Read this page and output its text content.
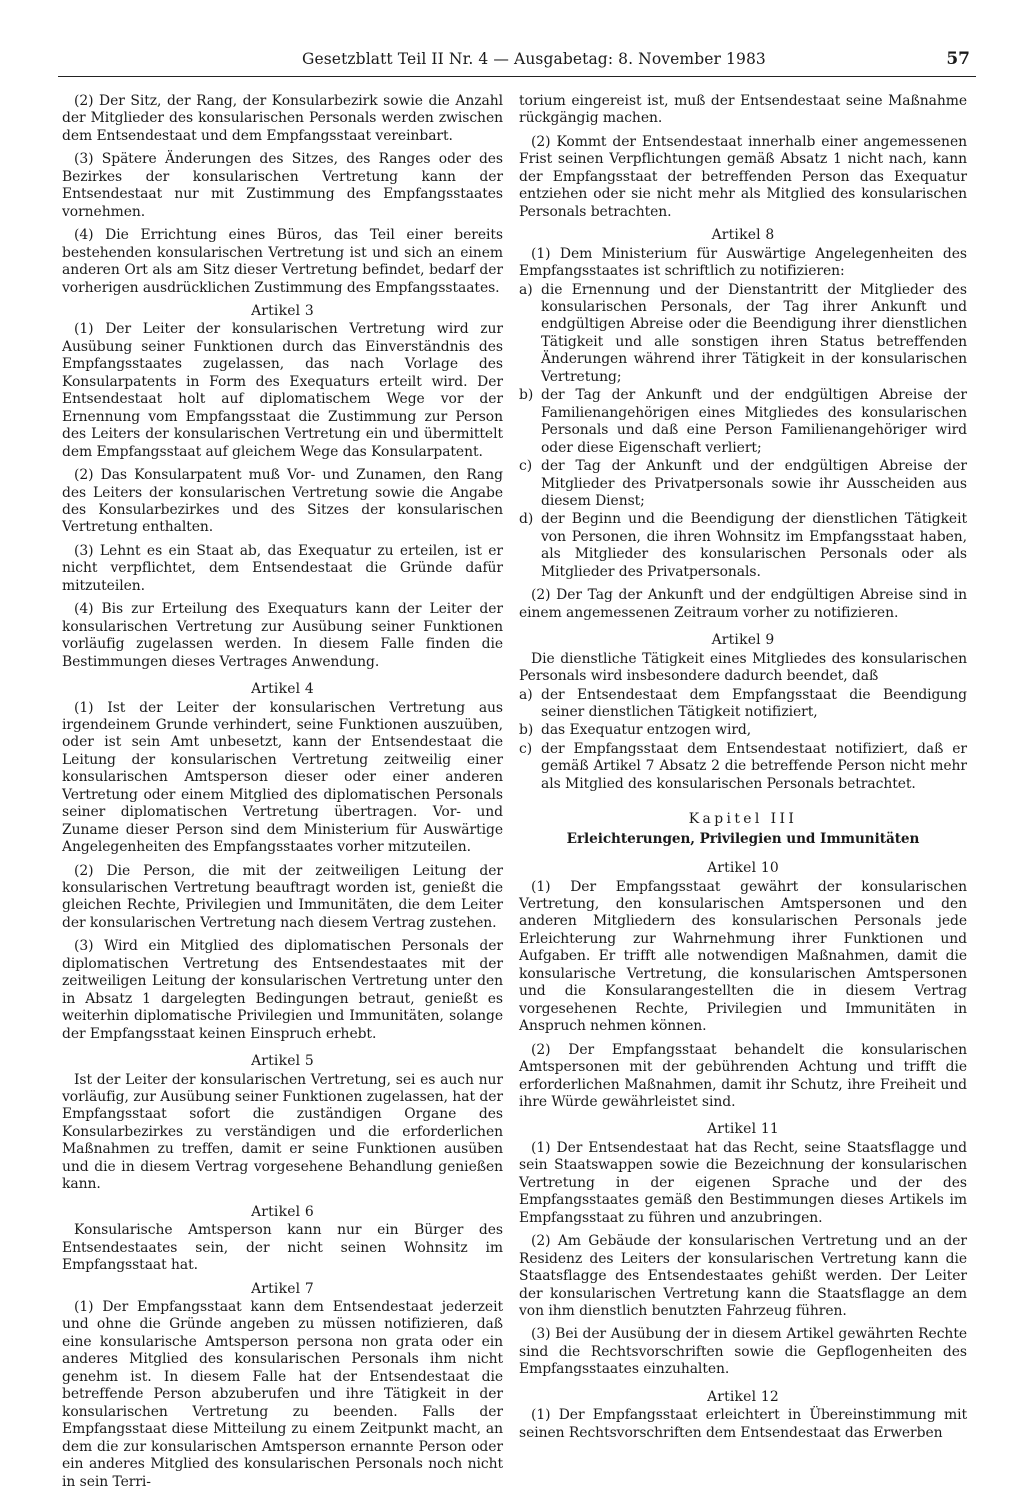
Gesetzblatt Teil II Nr. 4 — Ausgabetag: 8. November 1983	57

(2) Der Sitz, der Rang, der Konsularbezirk sowie die Anzahl der Mitglieder des konsularischen Personals werden zwischen dem Entsendestaat und dem Empfangsstaat vereinbart.

(3) Spätere Änderungen des Sitzes, des Ranges oder des Bezirkes der konsularischen Vertretung kann der Entsendestaat nur mit Zustimmung des Empfangsstaates vornehmen.

(4) Die Errichtung eines Büros, das Teil einer bereits bestehenden konsularischen Vertretung ist und sich an einem anderen Ort als am Sitz dieser Vertretung befindet, bedarf der vorherigen ausdrücklichen Zustimmung des Empfangsstaates.

Artikel 3

(1) Der Leiter der konsularischen Vertretung wird zur Ausübung seiner Funktionen durch das Einverständnis des Empfangsstaates zugelassen, das nach Vorlage des Konsularpatents in Form des Exequaturs erteilt wird. Der Entsendestaat holt auf diplomatischem Wege vor der Ernennung vom Empfangsstaat die Zustimmung zur Person des Leiters der konsularischen Vertretung ein und übermittelt dem Empfangsstaat auf gleichem Wege das Konsularpatent.

(2) Das Konsularpatent muß Vor- und Zunamen, den Rang des Leiters der konsularischen Vertretung sowie die Angabe des Konsularbezirkes und des Sitzes der konsularischen Vertretung enthalten.

(3) Lehnt es ein Staat ab, das Exequatur zu erteilen, ist er nicht verpflichtet, dem Entsendestaat die Gründe dafür mitzuteilen.

(4) Bis zur Erteilung des Exequaturs kann der Leiter der konsularischen Vertretung zur Ausübung seiner Funktionen vorläufig zugelassen werden. In diesem Falle finden die Bestimmungen dieses Vertrages Anwendung.

Artikel 4

(1) Ist der Leiter der konsularischen Vertretung aus irgendeinem Grunde verhindert, seine Funktionen auszuüben, oder ist sein Amt unbesetzt, kann der Entsendestaat die Leitung der konsularischen Vertretung zeitweilig einer konsularischen Amtsperson dieser oder einer anderen Vertretung oder einem Mitglied des diplomatischen Personals seiner diplomatischen Vertretung übertragen. Vor- und Zuname dieser Person sind dem Ministerium für Auswärtige Angelegenheiten des Empfangsstaates vorher mitzuteilen.

(2) Die Person, die mit der zeitweiligen Leitung der konsularischen Vertretung beauftragt worden ist, genießt die gleichen Rechte, Privilegien und Immunitäten, die dem Leiter der konsularischen Vertretung nach diesem Vertrag zustehen.

(3) Wird ein Mitglied des diplomatischen Personals der diplomatischen Vertretung des Entsendestaates mit der zeitweiligen Leitung der konsularischen Vertretung unter den in Absatz 1 dargelegten Bedingungen betraut, genießt es weiterhin diplomatische Privilegien und Immunitäten, solange der Empfangsstaat keinen Einspruch erhebt.

Artikel 5

Ist der Leiter der konsularischen Vertretung, sei es auch nur vorläufig, zur Ausübung seiner Funktionen zugelassen, hat der Empfangsstaat sofort die zuständigen Organe des Konsularbezirkes zu verständigen und die erforderlichen Maßnahmen zu treffen, damit er seine Funktionen ausüben und die in diesem Vertrag vorgesehene Behandlung genießen kann.

Artikel 6

Konsularische Amtsperson kann nur ein Bürger des Entsendestaates sein, der nicht seinen Wohnsitz im Empfangsstaat hat.

Artikel 7

(1) Der Empfangsstaat kann dem Entsendestaat jederzeit und ohne die Gründe angeben zu müssen notifizieren, daß eine konsularische Amtsperson persona non grata oder ein anderes Mitglied des konsularischen Personals ihm nicht genehm ist. In diesem Falle hat der Entsendestaat die betreffende Person abzuberufen und ihre Tätigkeit in der konsularischen Vertretung zu beenden. Falls der Empfangsstaat diese Mitteilung zu einem Zeitpunkt macht, an dem die zur konsularischen Amtsperson ernannte Person oder ein anderes Mitglied des konsularischen Personals noch nicht in sein Terri-

torium eingereist ist, muß der Entsendestaat seine Maßnahme rückgängig machen.

(2) Kommt der Entsendestaat innerhalb einer angemessenen Frist seinen Verpflichtungen gemäß Absatz 1 nicht nach, kann der Empfangsstaat der betreffenden Person das Exequatur entziehen oder sie nicht mehr als Mitglied des konsularischen Personals betrachten.

Artikel 8

(1) Dem Ministerium für Auswärtige Angelegenheiten des Empfangsstaates ist schriftlich zu notifizieren:

a) die Ernennung und der Dienstantritt der Mitglieder des konsularischen Personals, der Tag ihrer Ankunft und endgültigen Abreise oder die Beendigung ihrer dienstlichen Tätigkeit und alle sonstigen ihren Status betreffenden Änderungen während ihrer Tätigkeit in der konsularischen Vertretung;
b) der Tag der Ankunft und der endgültigen Abreise der Familienangehörigen eines Mitgliedes des konsularischen Personals und daß eine Person Familienangehöriger wird oder diese Eigenschaft verliert;
c) der Tag der Ankunft und der endgültigen Abreise der Mitglieder des Privatpersonals sowie ihr Ausscheiden aus diesem Dienst;
d) der Beginn und die Beendigung der dienstlichen Tätigkeit von Personen, die ihren Wohnsitz im Empfangsstaat haben, als Mitglieder des konsularischen Personals oder als Mitglieder des Privatpersonals.

(2) Der Tag der Ankunft und der endgültigen Abreise sind in einem angemessenen Zeitraum vorher zu notifizieren.

Artikel 9

Die dienstliche Tätigkeit eines Mitgliedes des konsularischen Personals wird insbesondere dadurch beendet, daß

a) der Entsendestaat dem Empfangsstaat die Beendigung seiner dienstlichen Tätigkeit notifiziert,
b) das Exequatur entzogen wird,
c) der Empfangsstaat dem Entsendestaat notifiziert, daß er gemäß Artikel 7 Absatz 2 die betreffende Person nicht mehr als Mitglied des konsularischen Personals betrachtet.
Kapitel III
Erleichterungen, Privilegien und Immunitäten
Artikel 10

(1) Der Empfangsstaat gewährt der konsularischen Vertretung, den konsularischen Amtspersonen und den anderen Mitgliedern des konsularischen Personals jede Erleichterung zur Wahrnehmung ihrer Funktionen und Aufgaben. Er trifft alle notwendigen Maßnahmen, damit die konsularische Vertretung, die konsularischen Amtspersonen und die Konsularangestellten die in diesem Vertrag vorgesehenen Rechte, Privilegien und Immunitäten in Anspruch nehmen können.

(2) Der Empfangsstaat behandelt die konsularischen Amtspersonen mit der gebührenden Achtung und trifft die erforderlichen Maßnahmen, damit ihr Schutz, ihre Freiheit und ihre Würde gewährleistet sind.

Artikel 11

(1) Der Entsendestaat hat das Recht, seine Staatsflagge und sein Staatswappen sowie die Bezeichnung der konsularischen Vertretung in der eigenen Sprache und der des Empfangsstaates gemäß den Bestimmungen dieses Artikels im Empfangsstaat zu führen und anzubringen.

(2) Am Gebäude der konsularischen Vertretung und an der Residenz des Leiters der konsularischen Vertretung kann die Staatsflagge des Entsendestaates gehißt werden. Der Leiter der konsularischen Vertretung kann die Staatsflagge an dem von ihm dienstlich benutzten Fahrzeug führen.

(3) Bei der Ausübung der in diesem Artikel gewährten Rechte sind die Rechtsvorschriften sowie die Gepflogenheiten des Empfangsstaates einzuhalten.

Artikel 12

(1) Der Empfangsstaat erleichtert in Übereinstimmung mit seinen Rechtsvorschriften dem Entsendestaat das Erwerben
